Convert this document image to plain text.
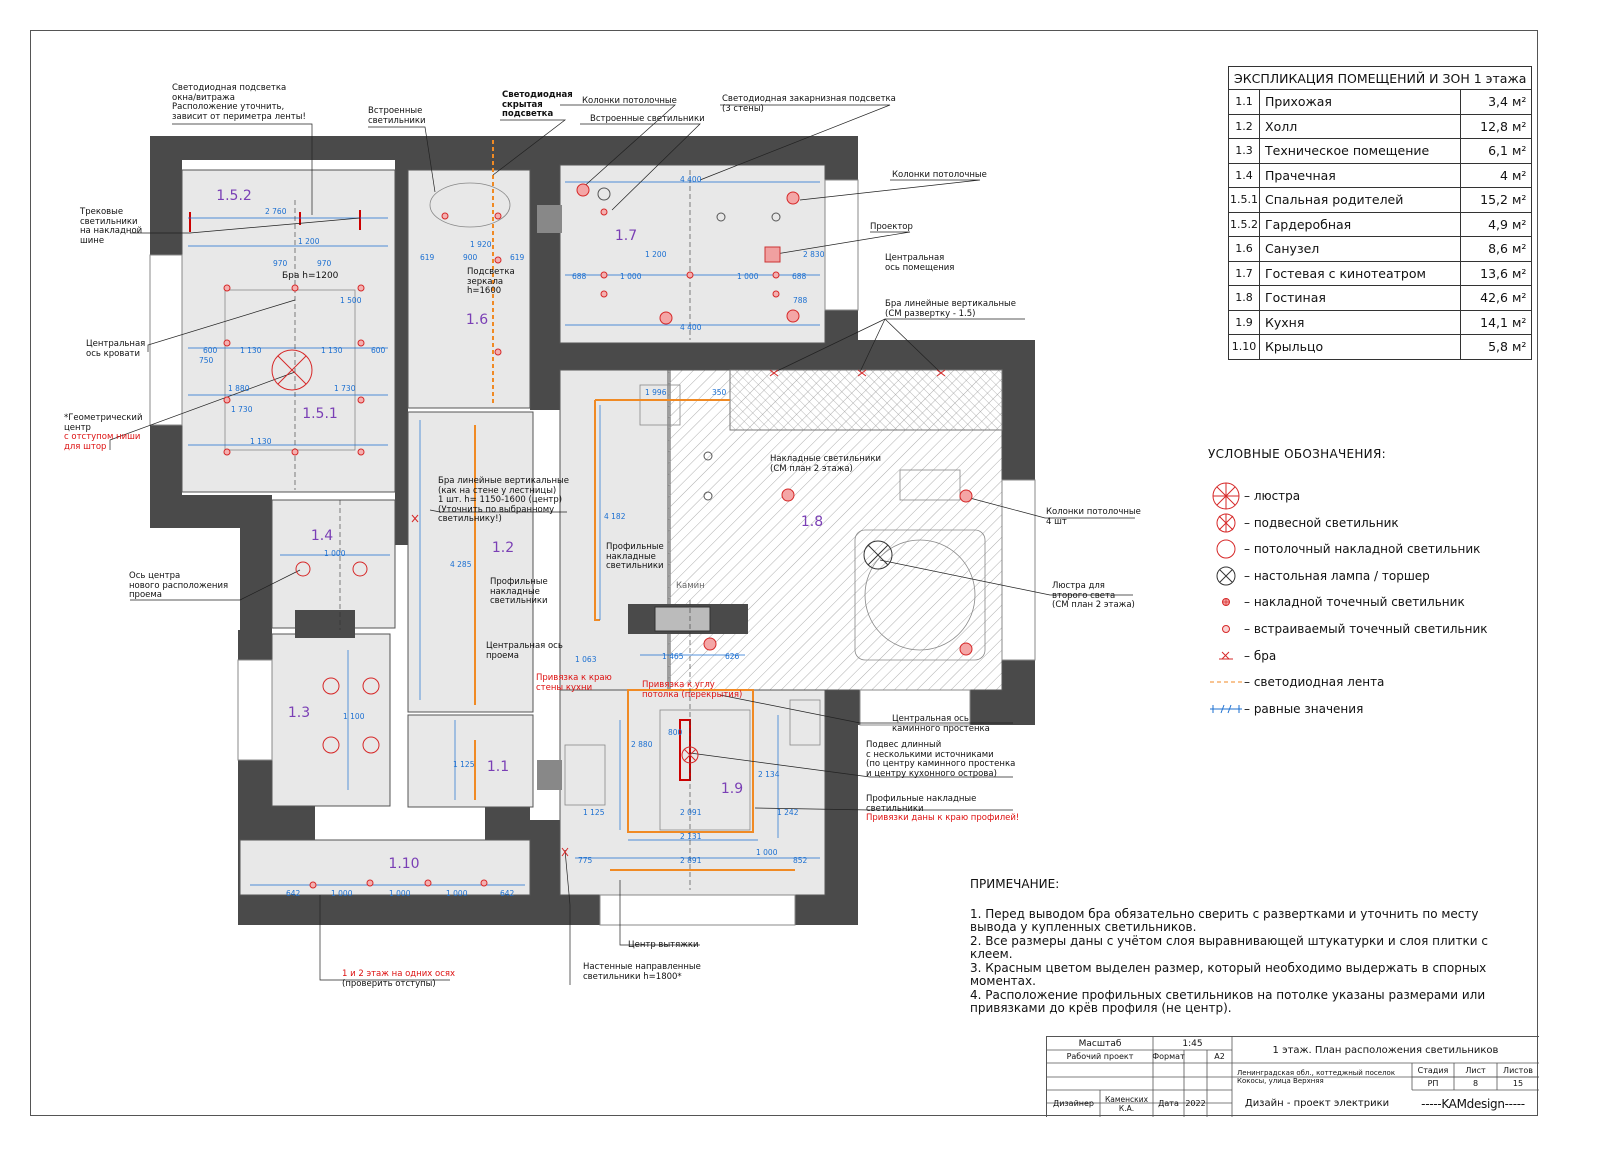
1.5.2
1.5.1
1.6
1.7
1.4
1.2
1.3
1.1
1.8
1.9
1.10
2 760
1 200
970	970
1 500
1 130	1 130
1 130
1 880	1 730
1 730
750
600	600
1 920
900
619	619
4 400
4 400
688	688
1 000	1 000
1 200
788
2 830
1 996	350
4 182
4 285
1 000
1 465	626
1 063
2 880
2 091
2 131
2 134
1 242
1 125
1 125
2 891	852
775
1 100
1 000	1 000	1 000
642	642
800
1 000
Светодиодная подсветка
окна/витража
Расположение уточнить,
зависит от периметра ленты!
Встроенные
светильники
Светодиодная
скрытая
подсветка
Колонки потолочные
Встроенные светильники
Светодиодная закарнизная подсветка
(3 стены)
Колонки потолочные
Проектор
Центральная
ось помещения
Трековые
светильники
на накладной
шине
Бра h=1200	Подсветка
зеркала
h=1600
Центральная
ось кровати
*Геометрический
центр
с отступом ниши
для штор
Бра линейные вертикальные
(СМ развертку - 1.5)
Накладные светильники
(СМ план 2 этажа)
Колонки потолочные
4 шт
Бра линейные вертикальные
(как на стене у лестницы)
1 шт. h= 1150-1600 (центр)
(Уточнить по выбранному
светильнику!)
Профильные
накладные
светильники
Профильные
накладные
светильники
Ось центра
нового расположения
проема
Люстра для
второго света
(СМ план 2 этажа)
Камин
Центральная ось
проема
Привязка к краю
стены кухни	Привязка к углу
потолка (перекрытия)
Центральная ось
каминного простенка
Подвес длинный
с несколькими источниками
(по центру каминного простенка
и центру кухонного острова)
Профильные накладные
светильники
Привязки даны к краю профилей!
Центр вытяжки
Настенные направленные
светильники h=1800*
1 и 2 этаж на одних осях
(проверить отступы)
ЭКСПЛИКАЦИЯ ПОМЕЩЕНИЙ И ЗОН 1 этажа		
1.1	Прихожая	3,4 м²
1.2	Холл	12,8 м²
1.3	Техническое помещение	6,1 м²
1.4	Прачечная	4 м²
1.5.1	Спальная родителей	15,2 м²
1.5.2	Гардеробная	4,9 м²
1.6	Санузел	8,6 м²
1.7	Гостевая с кинотеатром	13,6 м²
1.8	Гостиная	42,6 м²
1.9	Кухня	14,1 м²
1.10	Крыльцо	5,8 м²
УСЛОВНЫЕ ОБОЗНАЧЕНИЯ:
– люстра
– подвесной светильник
– потолочный накладной светильник
– настольная лампа / торшер
– накладной точечный светильник
– встраиваемый точечный светильник
– бра
– светодиодная лента
– равные значения
ПРИМЕЧАНИЕ:
1. Перед выводом бра обязательно сверить с развертками и уточнить по месту вывода у купленных светильников.
2. Все размеры даны с учётом слоя выравнивающей штукатурки и слоя плитки с клеем.
3. Красным цветом выделен размер, который необходимо выдержать в спорных моментах.
4. Расположение профильных светильников на потолке указаны размерами или привязками до крёв профиля (не центр).
Масштаб	1:45
Рабочий проект	Формат	А2
1 этаж. План расположения светильников
Ленинградская обл., коттеджный поселок Кокосы, улица Верхняя
Стадия	Лист	Листов
РП	8	15
Дизайнер	Каменских К.А.	Дата 2022	Дизайн - проект электрики	-----KAMdesign-----
